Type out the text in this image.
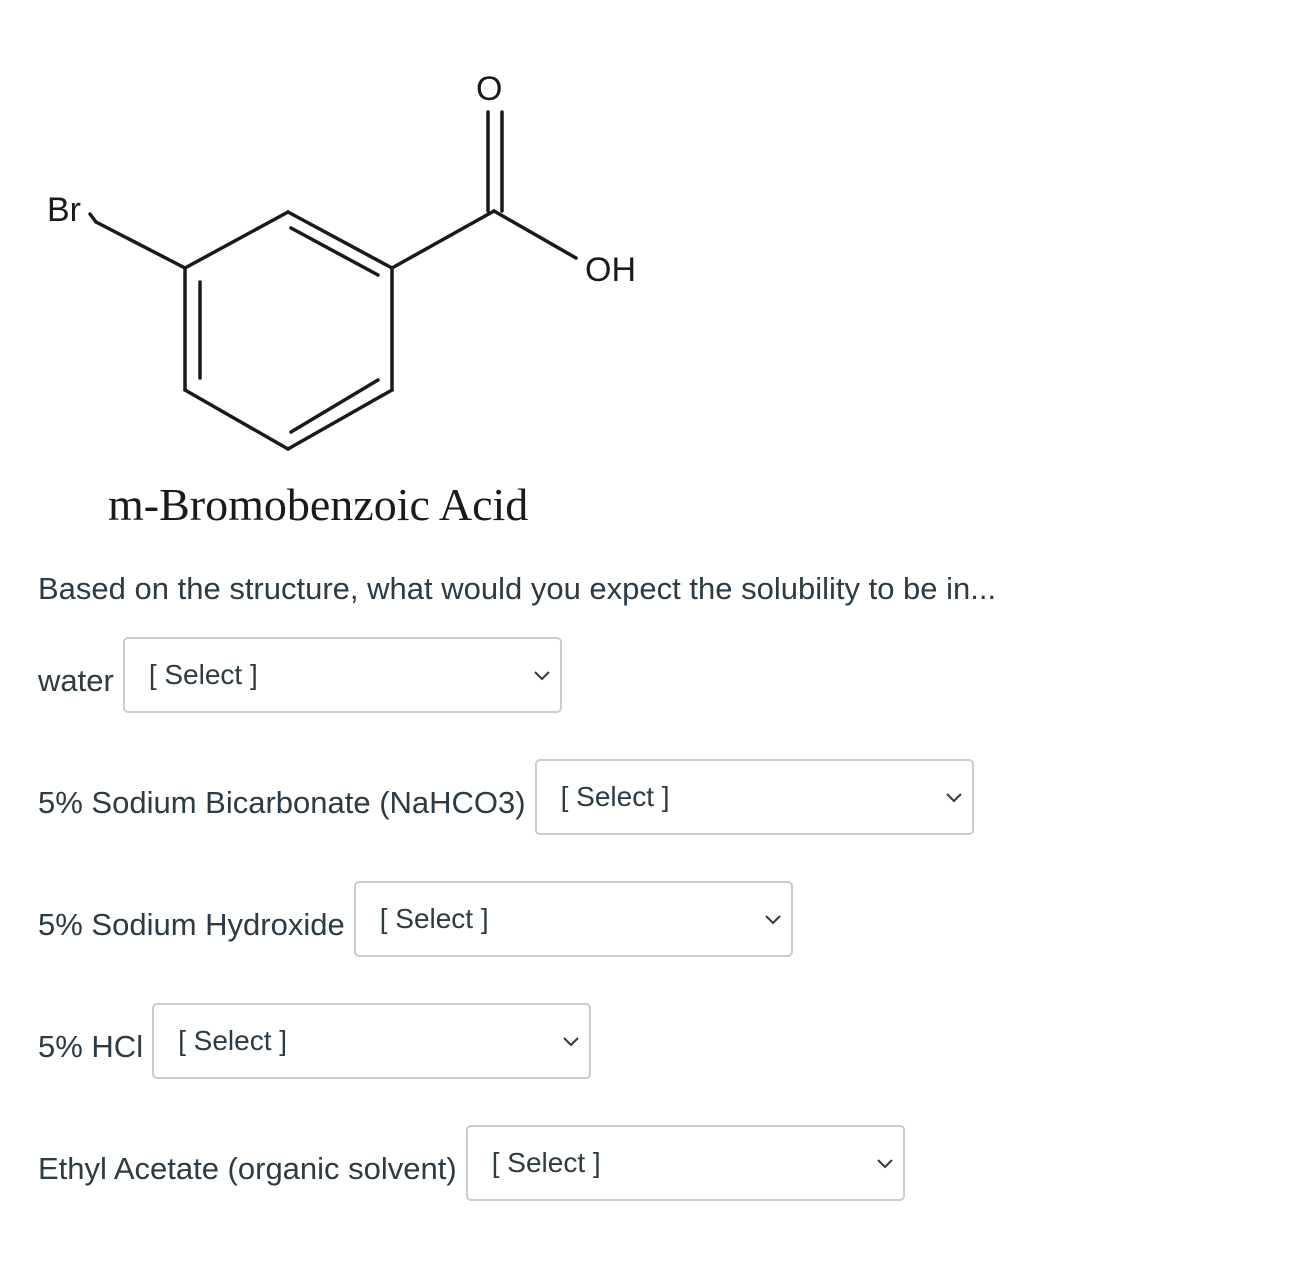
O
Br
OH
m-Bromobenzoic Acid
Based on the structure, what would you expect the solubility to be in...
water [ Select ]
5% Sodium Bicarbonate (NaHCO3) [ Select ]
5% Sodium Hydroxide [ Select ]
5% HCl [ Select ]
Ethyl Acetate (organic solvent) [ Select ]
